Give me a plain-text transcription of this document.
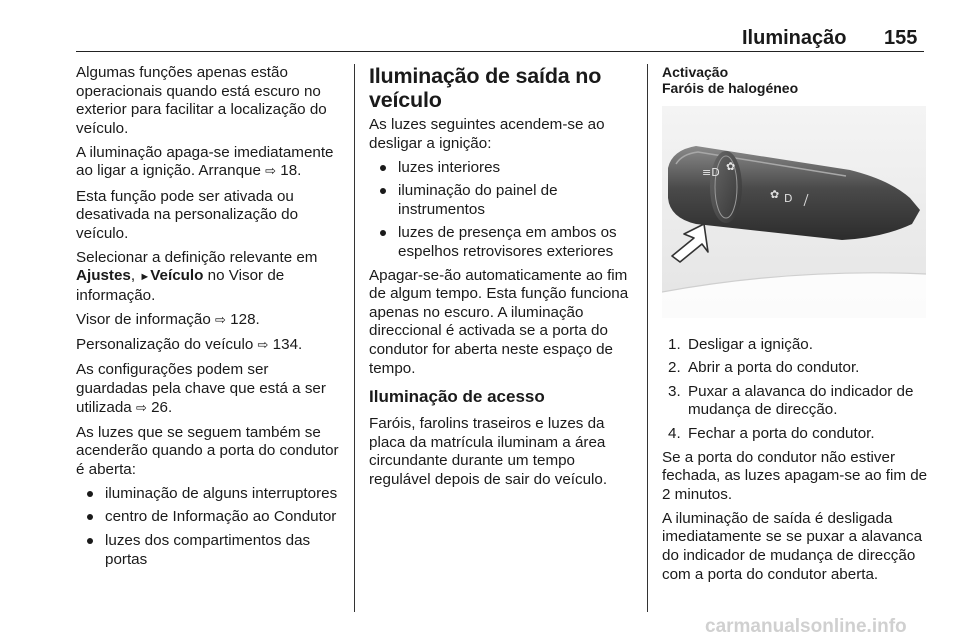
Iluminação 155

Algumas funções apenas estão operacionais quando está escuro no exterior para facilitar a localização do veículo.

A iluminação apaga-se imediatamente ao ligar a ignição. Arranque ⇨ 18.

Esta função pode ser ativada ou desativada na personalização do veículo.

Selecionar a definição relevante em
Ajustes, ►Veículo no Visor de informação.

Visor de informação ⇨ 128.

Personalização do veículo ⇨ 134.

As configurações podem ser guardadas pela chave que está a ser utilizada ⇨ 26.

As luzes que se seguem também se acenderão quando a porta do condutor é aberta:

iluminação de alguns interruptores
centro de Informação ao Condutor
luzes dos compartimentos das portas
Iluminação de saída no veículo

As luzes seguintes acendem-se ao desligar a ignição:

luzes interiores
iluminação do painel de instrumentos
luzes de presença em ambos os espelhos retrovisores exteriores

Apagar-se-ão automaticamente ao fim de algum tempo. Esta função funciona apenas no escuro. A iluminação direccional é activada se a porta do condutor for aberta neste espaço de tempo.

Iluminação de acesso

Faróis, farolins traseiros e luzes da placa da matrícula iluminam a área circundante durante um tempo regulável depois de sair do veículo.

Activação
Faróis de halogéneo
≡D ✿
✿ D
1. Desligar a ignição.
2. Abrir a porta do condutor.
3. Puxar a alavanca do indicador de mudança de direcção.
4. Fechar a porta do condutor.

Se a porta do condutor não estiver fechada, as luzes apagam-se ao fim de 2 minutos.

A iluminação de saída é desligada imediatamente se se puxar a alavanca do indicador de mudança de direcção com a porta do condutor aberta.

carmanualsonline.info
